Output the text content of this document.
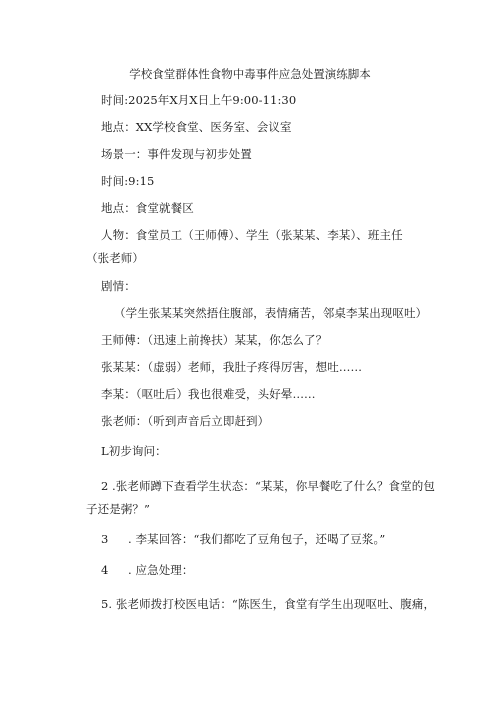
学校食堂群体性食物中毒事件应急处置演练脚本
时间:2025年X月X日上午9:00-11:30
地点：XX学校食堂、医务室、会议室
场景一：事件发现与初步处置
时间:9:15
地点：食堂就餐区
人物：食堂员工（王师傅）、学生（张某某、李某）、班主任
（张老师）
剧情：
（学生张某某突然捂住腹部，表情痛苦，邻桌李某出现呕吐）
王师傅：（迅速上前搀扶）某某，你怎么了？
张某某：（虚弱）老师，我肚子疼得厉害，想吐……
李某：（呕吐后）我也很难受，头好晕……
张老师：（听到声音后立即赶到）
L初步询问：
2 .张老师蹲下查看学生状态：“某某，你早餐吃了什么？食堂的包
子还是粥？”
3 . 李某回答：“我们都吃了豆角包子，还喝了豆浆。”
4 . 应急处理：
5. 张老师拨打校医电话：“陈医生，食堂有学生出现呕吐、腹痛，
